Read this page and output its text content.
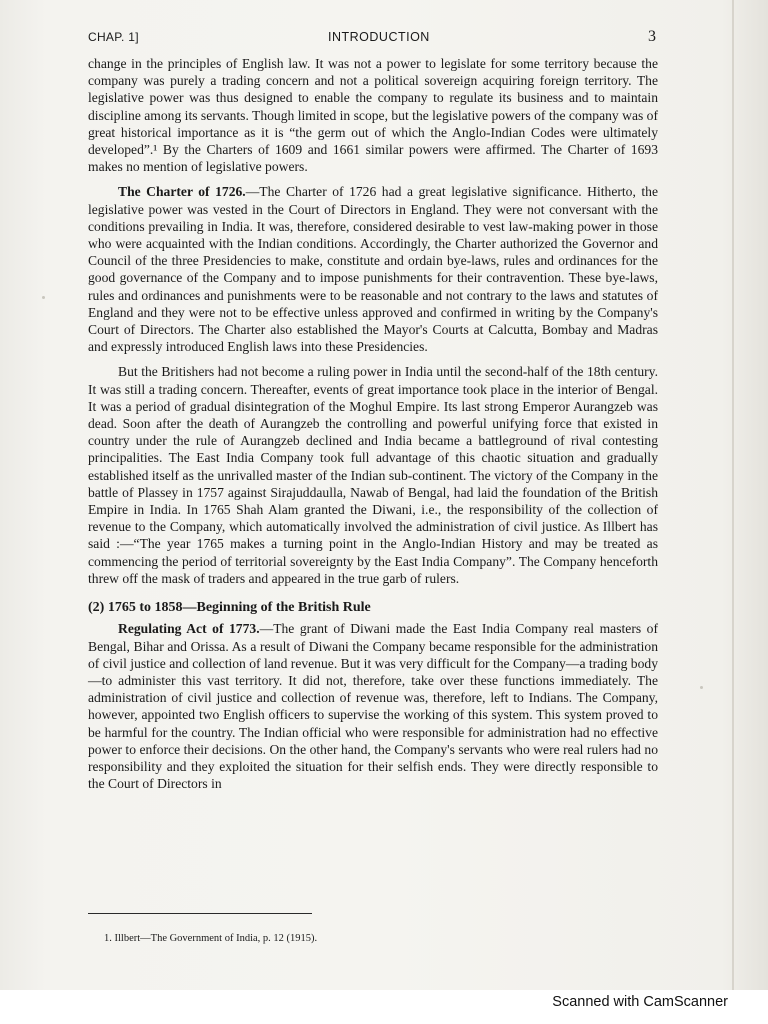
CHAP. 1]	INTRODUCTION	3

change in the principles of English law. It was not a power to legislate for some territory because the company was purely a trading concern and not a political sovereign acquiring foreign territory. The legislative power was thus designed to enable the company to regulate its business and to maintain discipline among its servants. Though limited in scope, but the legislative powers of the company was of great historical importance as it is “the germ out of which the Anglo-Indian Codes were ultimately developed”.¹ By the Charters of 1609 and 1661 similar powers were affirmed. The Charter of 1693 makes no mention of legislative powers.

The Charter of 1726.—The Charter of 1726 had a great legislative significance. Hitherto, the legislative power was vested in the Court of Directors in England. They were not conversant with the conditions prevailing in India. It was, therefore, considered desirable to vest law-making power in those who were acquainted with the Indian conditions. Accordingly, the Charter authorized the Governor and Council of the three Presidencies to make, constitute and ordain bye-laws, rules and ordinances for the good governance of the Company and to impose punishments for their contravention. These bye-laws, rules and ordinances and punishments were to be reasonable and not contrary to the laws and statutes of England and they were not to be effective unless approved and confirmed in writing by the Company's Court of Directors. The Charter also established the Mayor's Courts at Calcutta, Bombay and Madras and expressly introduced English laws into these Presidencies.

But the Britishers had not become a ruling power in India until the second-half of the 18th century. It was still a trading concern. Thereafter, events of great importance took place in the interior of Bengal. It was a period of gradual disintegration of the Moghul Empire. Its last strong Emperor Aurangzeb was dead. Soon after the death of Aurangzeb the controlling and powerful unifying force that existed in country under the rule of Aurangzeb declined and India became a battleground of rival contesting principalities. The East India Company took full advantage of this chaotic situation and gradually established itself as the unrivalled master of the Indian sub-continent. The victory of the Company in the battle of Plassey in 1757 against Sirajuddaulla, Nawab of Bengal, had laid the foundation of the British Empire in India. In 1765 Shah Alam granted the Diwani, i.e., the responsibility of the collection of revenue to the Company, which automatically involved the administration of civil justice. As Illbert has said :—“The year 1765 makes a turning point in the Anglo-Indian History and may be treated as commencing the period of territorial sovereignty by the East India Company”. The Company henceforth threw off the mask of traders and appeared in the true garb of rulers.

(2) 1765 to 1858—Beginning of the British Rule

Regulating Act of 1773.—The grant of Diwani made the East India Company real masters of Bengal, Bihar and Orissa. As a result of Diwani the Company became responsible for the administration of civil justice and collection of land revenue. But it was very difficult for the Company—a trading body—to administer this vast territory. It did not, therefore, take over these functions immediately. The administration of civil justice and collection of revenue was, therefore, left to Indians. The Company, however, appointed two English officers to supervise the working of this system. This system proved to be harmful for the country. The Indian official who were responsible for administration had no effective power to enforce their decisions. On the other hand, the Company's servants who were real rulers had no responsibility and they exploited the situation for their selfish ends. They were directly responsible to the Court of Directors in

1. Illbert—The Government of India, p. 12 (1915).
Scanned with CamScanner
